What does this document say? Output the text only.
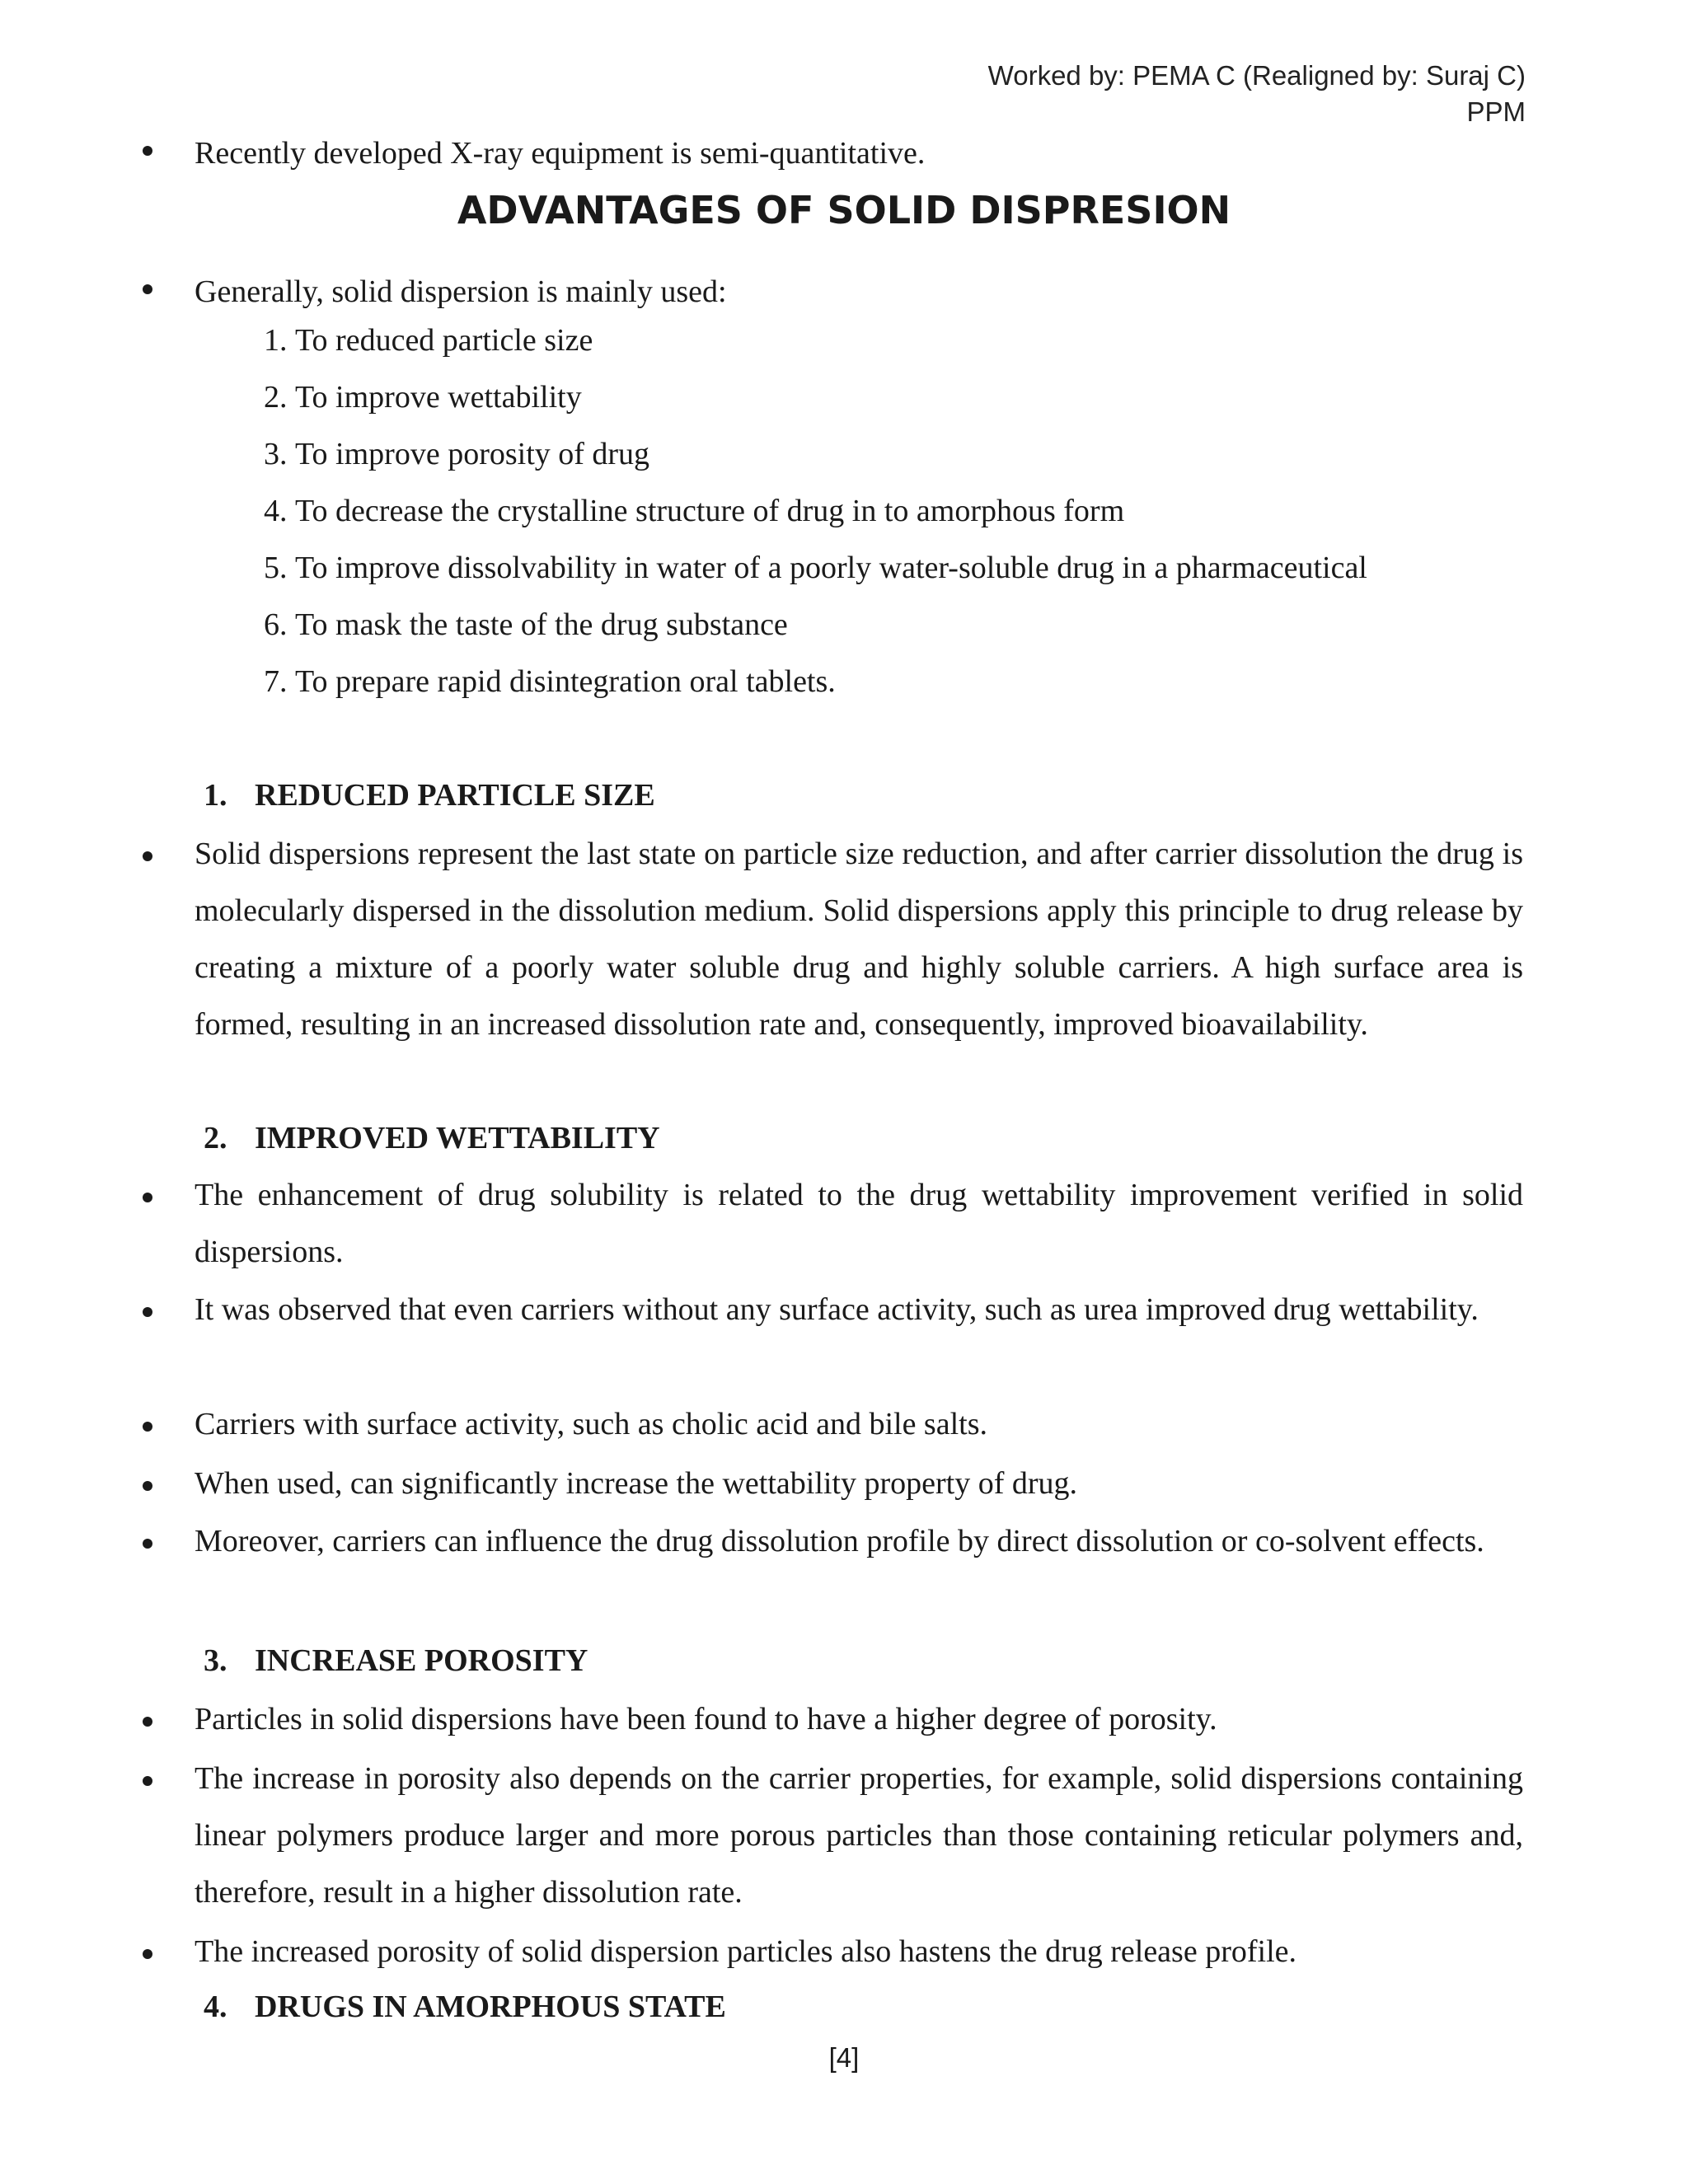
Worked by: PEMA C (Realigned by: Suraj C)
PPM
Recently developed X-ray equipment is semi-quantitative.
ADVANTAGES OF SOLID DISPRESION
Generally, solid dispersion is mainly used:
1. To reduced particle size
2. To improve wettability
3. To improve porosity of drug
4. To decrease the crystalline structure of drug in to amorphous form
5. To improve dissolvability in water of a poorly water-soluble drug in a pharmaceutical
6. To mask the taste of the drug substance
7. To prepare rapid disintegration oral tablets.
1. REDUCED PARTICLE SIZE
Solid dispersions represent the last state on particle size reduction, and after carrier dissolution the drug is molecularly dispersed in the dissolution medium. Solid dispersions apply this principle to drug release by creating a mixture of a poorly water soluble drug and highly soluble carriers. A high surface area is formed, resulting in an increased dissolution rate and, consequently, improved bioavailability.
2. IMPROVED WETTABILITY
The enhancement of drug solubility is related to the drug wettability improvement verified in solid dispersions.
It was observed that even carriers without any surface activity, such as urea improved drug wettability.
Carriers with surface activity, such as cholic acid and bile salts.
When used, can significantly increase the wettability property of drug.
Moreover, carriers can influence the drug dissolution profile by direct dissolution or co-solvent effects.
3. INCREASE POROSITY
Particles in solid dispersions have been found to have a higher degree of porosity.
The increase in porosity also depends on the carrier properties, for example, solid dispersions containing linear polymers produce larger and more porous particles than those containing reticular polymers and, therefore, result in a higher dissolution rate.
The increased porosity of solid dispersion particles also hastens the drug release profile.
4. DRUGS IN AMORPHOUS STATE
[4]
